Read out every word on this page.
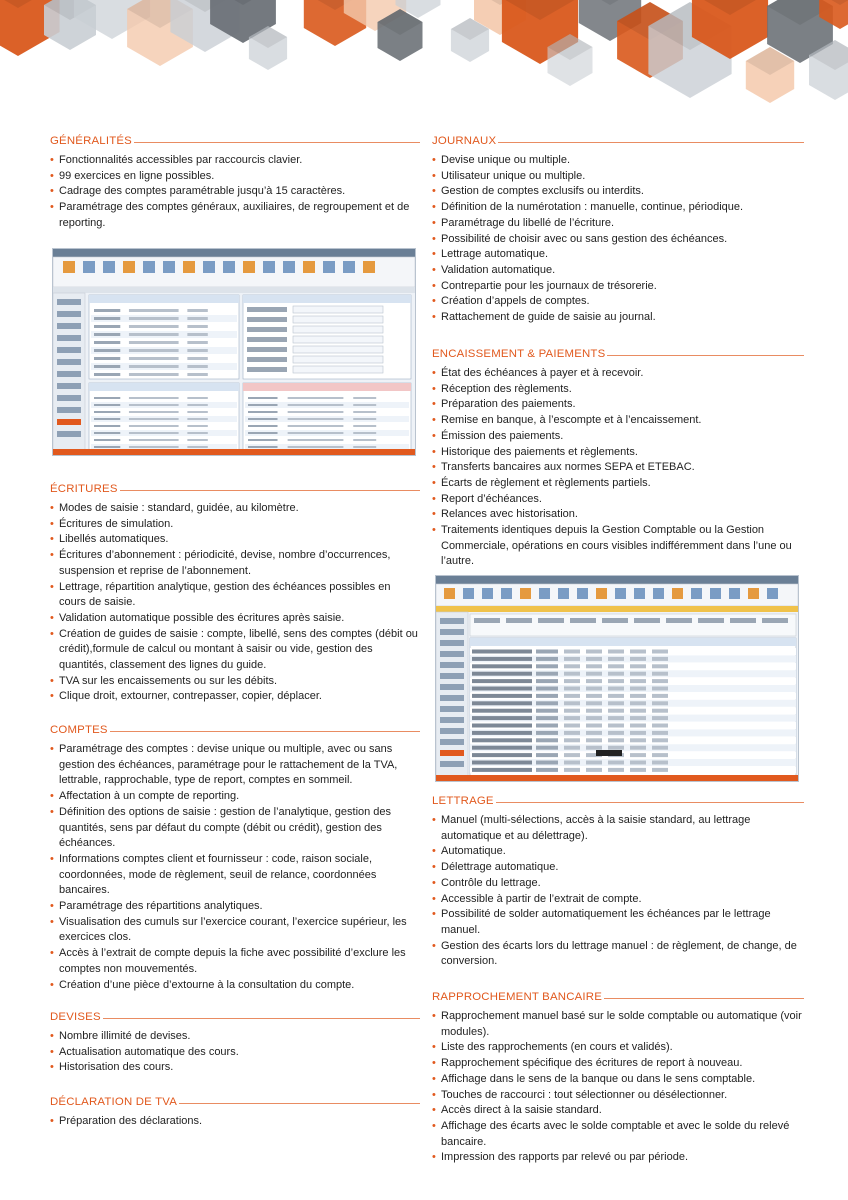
GÉNÉRALITÉS
• Fonctionnalités accessibles par raccourcis clavier.
• 99 exercices en ligne possibles.
• Cadrage des comptes paramétrable jusqu’à 15 caractères.
• Paramétrage des comptes généraux, auxiliaires, de regroupement et de reporting.
ÉCRITURES
• Modes de saisie : standard, guidée, au kilomètre.
• Écritures de simulation.
• Libellés automatiques.
• Écritures d’abonnement : périodicité, devise, nombre d’occurrences, suspension et reprise de l’abonnement.
• Lettrage, répartition analytique, gestion des échéances possibles en cours de saisie.
• Validation automatique possible des écritures après saisie.
• Création de guides de saisie : compte, libellé, sens des comptes (débit ou crédit),formule de calcul ou montant à saisir ou vide, gestion des quantités, classement des lignes du guide.
• TVA sur les encaissements ou sur les débits.
• Clique droit, extourner, contrepasser, copier, déplacer.
COMPTES
• Paramétrage des comptes : devise unique ou multiple, avec ou sans gestion des échéances, paramétrage pour le rattachement de la TVA, lettrable, rapprochable, type de report, comptes en sommeil.
• Affectation à un compte de reporting.
• Définition des options de saisie : gestion de l’analytique, gestion des quantités, sens par défaut du compte (débit ou crédit), gestion des échéances.
• Informations comptes client et fournisseur : code, raison sociale, coordonnées, mode de règlement, seuil de relance, coordonnées bancaires.
• Paramétrage des répartitions analytiques.
• Visualisation des cumuls sur l’exercice courant, l’exercice supérieur, les exercices clos.
• Accès à l’extrait de compte depuis la fiche avec possibilité d’exclure les comptes non mouvementés.
• Création d’une pièce d’extourne à la consultation du compte.
DEVISES
• Nombre illimité de devises.
• Actualisation automatique des cours.
• Historisation des cours.
DÉCLARATION DE TVA
• Préparation des déclarations.
JOURNAUX
• Devise unique ou multiple.
• Utilisateur unique ou multiple.
• Gestion de comptes exclusifs ou interdits.
• Définition de la numérotation : manuelle, continue, périodique.
• Paramétrage du libellé de l’écriture.
• Possibilité de choisir avec ou sans gestion des échéances.
• Lettrage automatique.
• Validation automatique.
• Contrepartie pour les journaux de trésorerie.
• Création d’appels de comptes.
• Rattachement de guide de saisie au journal.
ENCAISSEMENT & PAIEMENTS
• État des échéances à payer et à recevoir.
• Réception des règlements.
• Préparation des paiements.
• Remise en banque, à l’escompte et à l’encaissement.
• Émission des paiements.
• Historique des paiements et règlements.
• Transferts bancaires aux normes SEPA et ETEBAC.
• Écarts de règlement et règlements partiels.
• Report d’échéances.
• Relances avec historisation.
• Traitements identiques depuis la Gestion Comptable ou la Gestion Commerciale, opérations en cours visibles indifféremment dans l’une ou l’autre.
LETTRAGE
• Manuel (multi-sélections, accès à la saisie standard, au lettrage automatique et au délettrage).
• Automatique.
• Délettrage automatique.
• Contrôle du lettrage.
• Accessible à partir de l’extrait de compte.
• Possibilité de solder automatiquement les échéances par le lettrage manuel.
• Gestion des écarts lors du lettrage manuel : de règlement, de change, de conversion.
RAPPROCHEMENT BANCAIRE
• Rapprochement manuel basé sur le solde comptable ou automatique (voir modules).
• Liste des rapprochements (en cours et validés).
• Rapprochement spécifique des écritures de report à nouveau.
• Affichage dans le sens de la banque ou dans le sens comptable.
• Touches de raccourci : tout sélectionner ou désélectionner.
• Accès direct à la saisie standard.
• Affichage des écarts avec le solde comptable et avec le solde du relevé bancaire.
• Impression des rapports par relevé ou par période.
